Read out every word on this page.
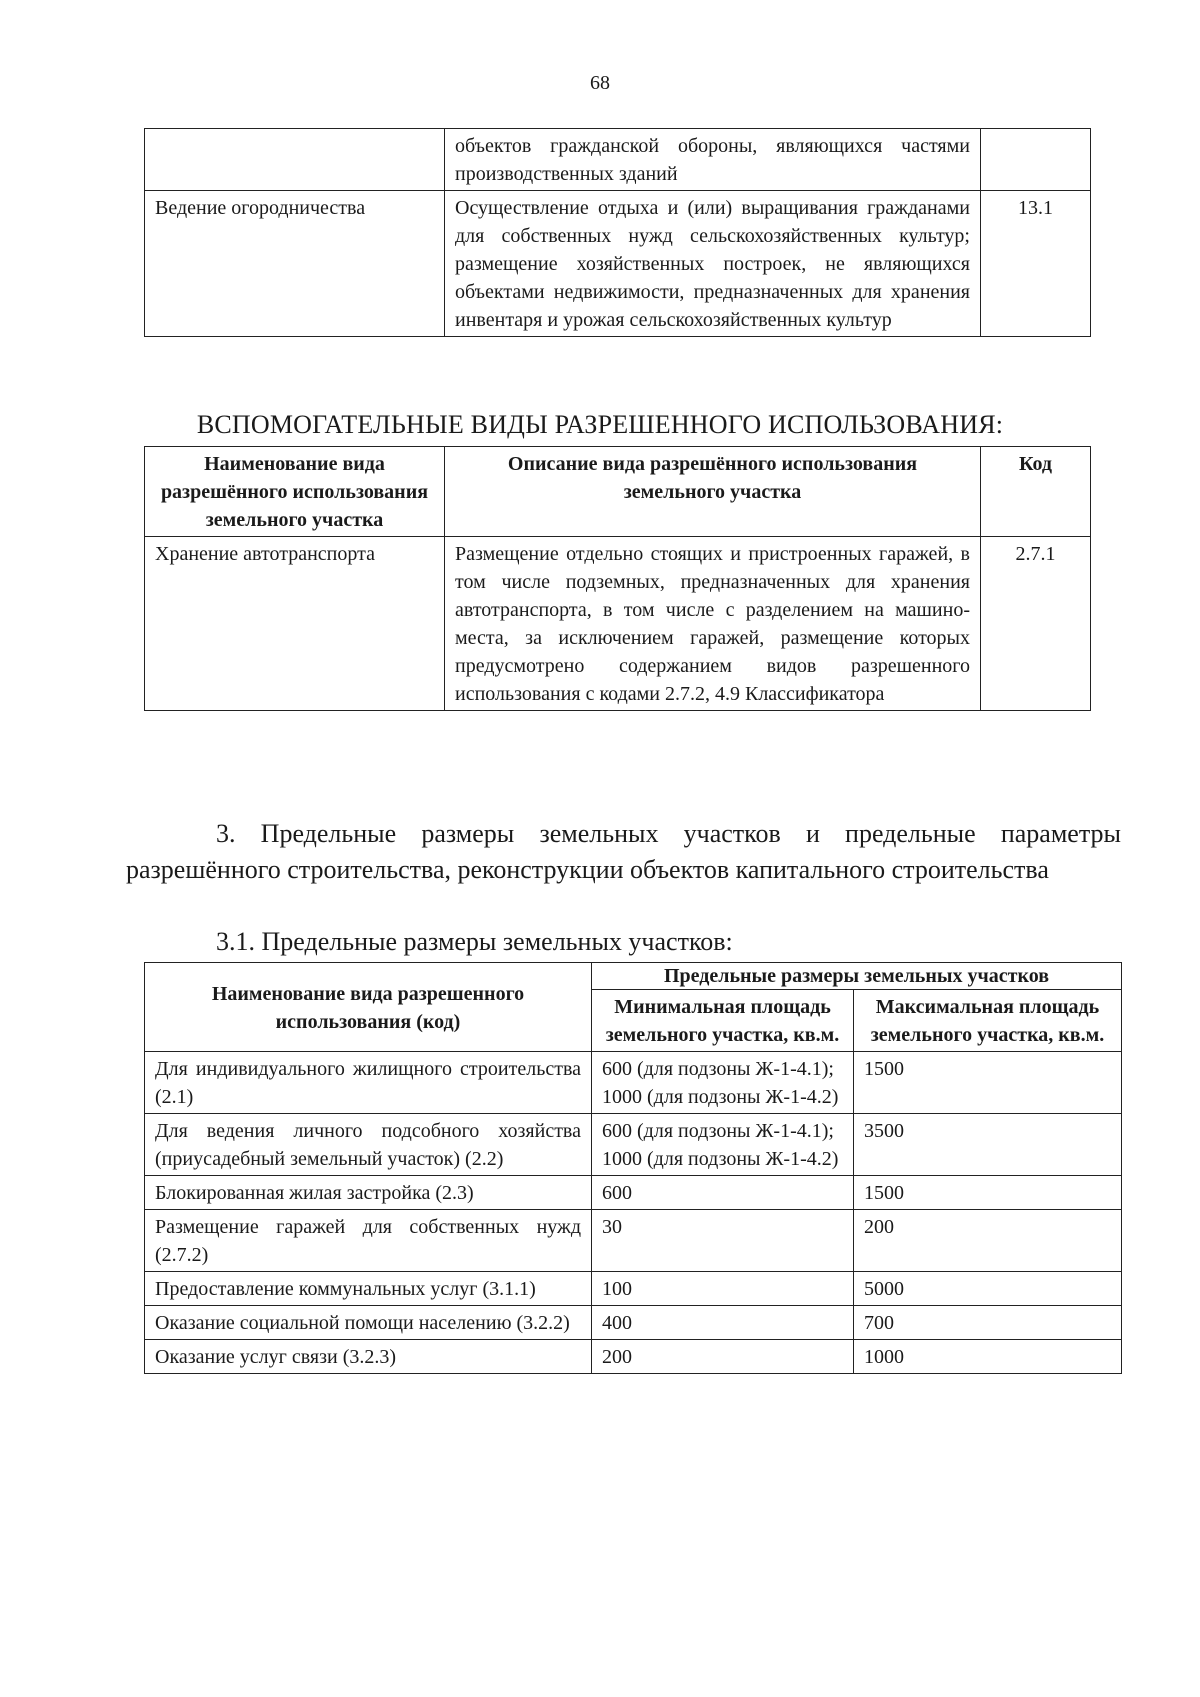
68
	объектов гражданской обороны, являющихся частями производственных зданий	
Ведение огородничества	Осуществление отдыха и (или) выращивания гражданами для собственных нужд сельскохозяйственных культур; размещение хозяйственных построек, не являющихся объектами недвижимости, предназначенных для хранения инвентаря и урожая сельскохозяйственных культур	13.1
ВСПОМОГАТЕЛЬНЫЕ ВИДЫ РАЗРЕШЕННОГО ИСПОЛЬЗОВАНИЯ:
Наименование вида разрешённого использования земельного участка	Описание вида разрешённого использования земельного участка	Код
Хранение автотранспорта	Размещение отдельно стоящих и пристроенных гаражей, в том числе подземных, предназначенных для хранения автотранспорта, в том числе с разделением на машино-места, за исключением гаражей, размещение которых предусмотрено содержанием видов разрешенного использования с кодами 2.7.2, 4.9 Классификатора	2.7.1
3. Предельные размеры земельных участков и предельные параметры разрешённого строительства, реконструкции объектов капитального строительства
3.1. Предельные размеры земельных участков:
Наименование вида разрешенного использования (код)	Предельные размеры земельных участков	
	Минимальная площадь земельного участка, кв.м.	Максимальная площадь земельного участка, кв.м.
Для индивидуального жилищного строительства (2.1)	600 (для подзоны Ж-1-4.1); 1000 (для подзоны Ж-1-4.2)	1500
Для ведения личного подсобного хозяйства (приусадебный земельный участок) (2.2)	600 (для подзоны Ж-1-4.1); 1000 (для подзоны Ж-1-4.2)	3500
Блокированная жилая застройка (2.3)	600	1500
Размещение гаражей для собственных нужд (2.7.2)	30	200
Предоставление коммунальных услуг (3.1.1)	100	5000
Оказание социальной помощи населению (3.2.2)	400	700
Оказание услуг связи (3.2.3)	200	1000
